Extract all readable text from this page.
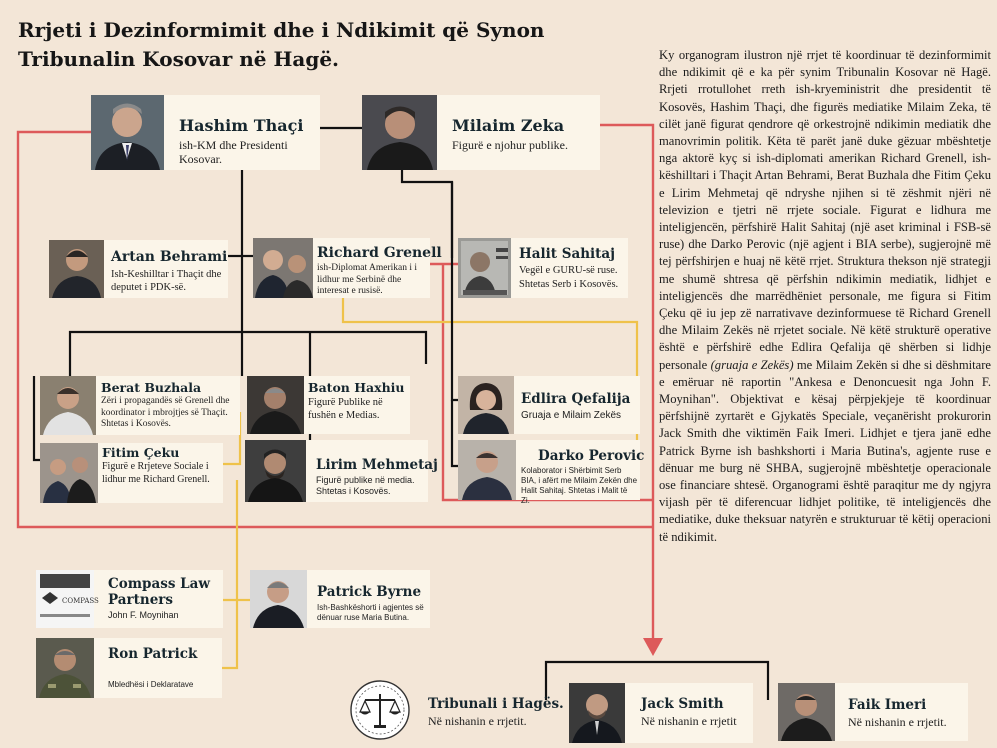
Rrjeti i Dezinformimit dhe i Ndikimit që Synon Tribunalin Kosovar në Hagë.	Ky organogram ilustron një rrjet të koordinuar të dezinformimit dhe ndikimit që e ka për synim Tribunalin Kosovar në Hagë. Rrjeti rrotullohet rreth ish-kryeministrit dhe presidentit të Kosovës, Hashim Thaçi, dhe figurës mediatike Milaim Zeka, të cilët janë figurat qendrore që orkestrojnë ndikimin mediatik dhe manovrimin politik. Këta të parët janë duke gëzuar mbështetje nga aktorë kyç si ish-diplomati amerikan Richard Grenell, ish-këshilltari i Thaçit Artan Behrami, Berat Buzhala dhe Fitim Çeku e Lirim Mehmetaj që ndryshe njihen si të zëshmit njëri në televizion e tjetri në rrjete sociale. Figurat e lidhura me inteligjencën, përfshirë Halit Sahitaj (një aset kriminal i FSB-së ruse) dhe Darko Perovic (një agjent i BIA serbe), sugjerojnë më tej përfshirjen e huaj në këtë rrjet. Struktura thekson një strategji me shumë shtresa që përfshin ndikimin mediatik, lidhjet e inteligjencës dhe marrëdhëniet personale, me figura si Fitim Çeku që iu jep zë narrativave dezinformuese të Richard Grenell dhe Milaim Zekës në rrjetet sociale. Në këtë strukturë operative është e përfshirë edhe Edlira Qefalija që shërben si lidhje personale (gruaja e Zekës) me Milaim Zekën si dhe si dëshmitare e emëruar në raportin "Ankesa e Denoncuesit nga John F. Moynihan". Objektivat e kësaj përpjekjeje të koordinuar përfshijnë zyrtarët e Gjykatës Speciale, veçanërisht prokurorin Jack Smith dhe viktimën Faik Imeri. Lidhjet e tjera janë edhe Patrick Byrne ish bashkshorti i Maria Butina's, agjente ruse e dënuar me burg në SHBA, sugjerojnë mbështetje operacionale ose financiare shtesë. Organogrami është paraqitur me dy ngjyra vijash për të diferencuar lidhjet politike, të inteligjencës dhe mediatike, duke theksuar natyrën e strukturuar të këtij operacioni të ndikimit.

Hashim Thaçi
ish-KM dhe Presidenti Kosovar.
Milaim Zeka
Figurë e njohur publike.
Artan Behrami
Ish-Keshilltar i Thaçit dhe deputet i PDK-së.
Richard Grenell
ish-Diplomat Amerikan i i lidhur me Serbinë dhe interesat e rusisë.
Halit Sahitaj
Vegël e GURU-së ruse. Shtetas Serb i Kosovës.
Berat Buzhala
Zëri i propagandës së Grenell dhe koordinator i mbrojtjes së Thaçit. Shtetas i Kosovës.
Baton Haxhiu
Figurë Publike në fushën e Medias.
Edlira Qefalija
Gruaja e Milaim Zekës
Fitim Çeku
Figurë e Rrjeteve Sociale i lidhur me Richard Grenell.
Lirim Mehmetaj
Figurë publike në media. Shtetas i Kosovës.
Darko Perovic
Kolaborator i Shërbimit Serb BIA, i afërt me Milaim Zekën dhe Halit Sahitaj. Shtetas i Malit të Zi.
COMPASS
Compass Law Partners
John F. Moynihan
Patrick Byrne
Ish-Bashkëshorti i agjentes së dënuar ruse Maria Butina.
Ron Patrick
Mbledhësi i Deklaratave
Tribunali i Hagës.
Në nishanin e rrjetit.
Jack Smith
Në nishanin e rrjetit
Faik Imeri
Në nishanin e rrjetit.
